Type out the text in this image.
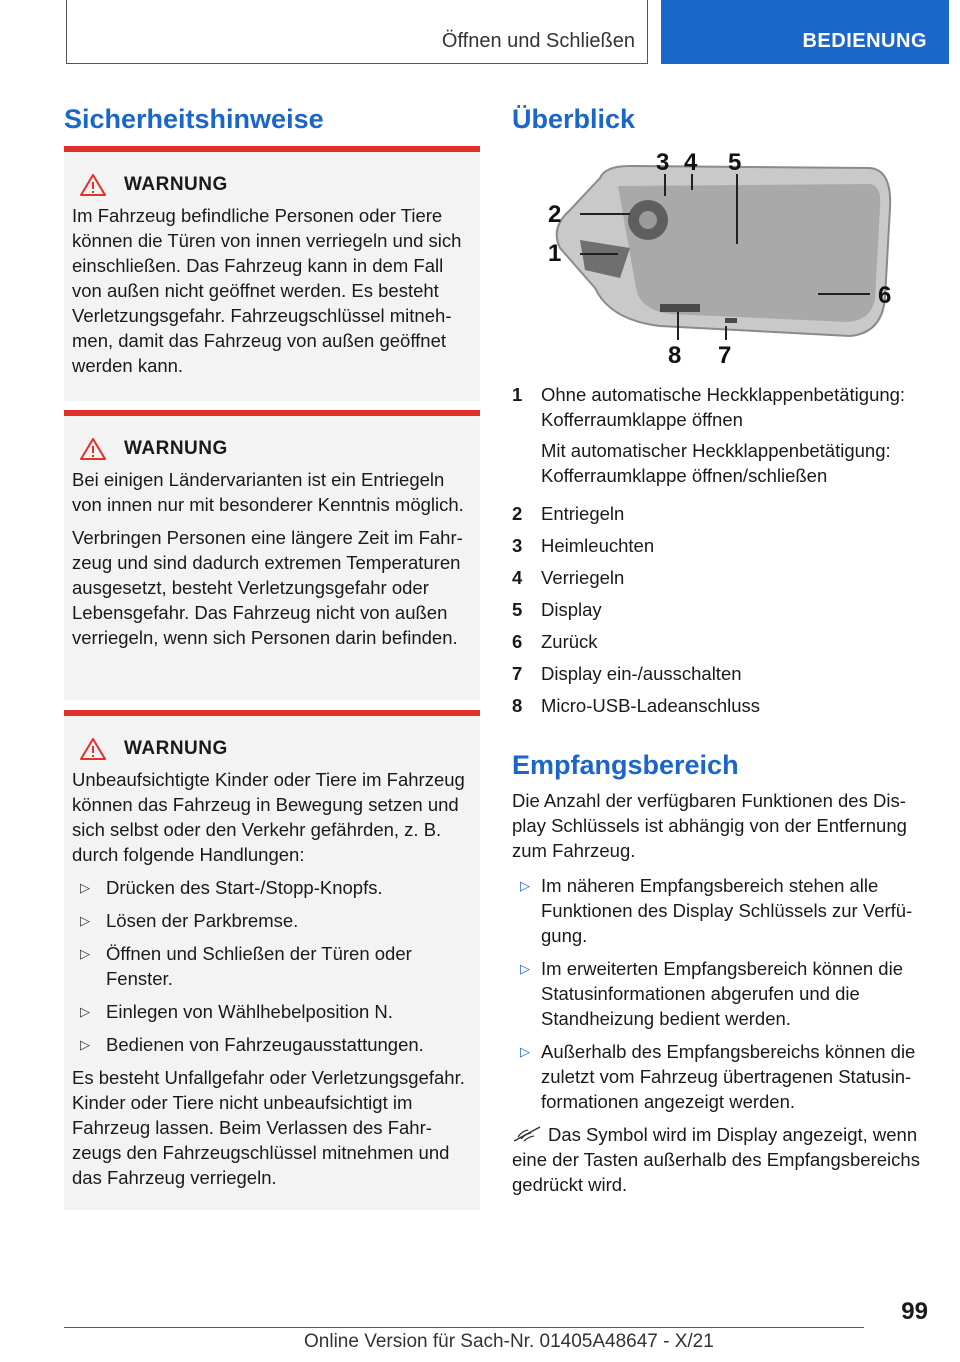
Öffnen und Schließen	BEDIENUNG
Sicherheitshinweise
WARNUNG

Im Fahrzeug befindliche Personen oder Tiere können die Türen von innen verriegeln und sich einschließen. Das Fahrzeug kann in dem Fall von außen nicht geöffnet werden. Es besteht Verletzungsgefahr. Fahrzeugschlüssel mitnehmen, damit das Fahrzeug von außen geöffnet werden kann.

WARNUNG

Bei einigen Ländervarianten ist ein Entriegeln von innen nur mit besonderer Kenntnis möglich.

Verbringen Personen eine längere Zeit im Fahrzeug und sind dadurch extremen Temperaturen ausgesetzt, besteht Verletzungsgefahr oder Lebensgefahr. Das Fahrzeug nicht von außen verriegeln, wenn sich Personen darin befinden.

WARNUNG

Unbeaufsichtigte Kinder oder Tiere im Fahrzeug können das Fahrzeug in Bewegung setzen und sich selbst oder den Verkehr gefährden, z. B. durch folgende Handlungen:

▷ Drücken des Start-/Stopp-Knopfs.
▷ Lösen der Parkbremse.
▷ Öffnen und Schließen der Türen oder Fenster.
▷ Einlegen von Wählhebelposition N.
▷ Bedienen von Fahrzeugausstattungen.

Es besteht Unfallgefahr oder Verletzungsgefahr. Kinder oder Tiere nicht unbeaufsichtigt im Fahrzeug lassen. Beim Verlassen des Fahrzeugs den Fahrzeugschlüssel mitnehmen und das Fahrzeug verriegeln.

Überblick
1
2
3 4 5
6
7
8
1	Ohne automatische Heckklappenbetätigung: Kofferraumklappe öffnen

Mit automatischer Heckklappenbetätigung: Kofferraumklappe öffnen/schließen

2	Entriegeln
3	Heimleuchten
4	Verriegeln
5	Display
6	Zurück
7	Display ein-/ausschalten
8	Micro-USB-Ladeanschluss
Empfangsbereich

Die Anzahl der verfügbaren Funktionen des Display Schlüssels ist abhängig von der Entfernung zum Fahrzeug.

▷ Im näheren Empfangsbereich stehen alle Funktionen des Display Schlüssels zur Verfügung.
▷ Im erweiterten Empfangsbereich können die Statusinformationen abgerufen und die Standheizung bedient werden.
▷ Außerhalb des Empfangsbereichs können die zuletzt vom Fahrzeug übertragenen Statusinformationen angezeigt werden.

Das Symbol wird im Display angezeigt, wenn eine der Tasten außerhalb des Empfangsbereichs gedrückt wird.

99
Online Version für Sach-Nr. 01405A48647 - X/21
